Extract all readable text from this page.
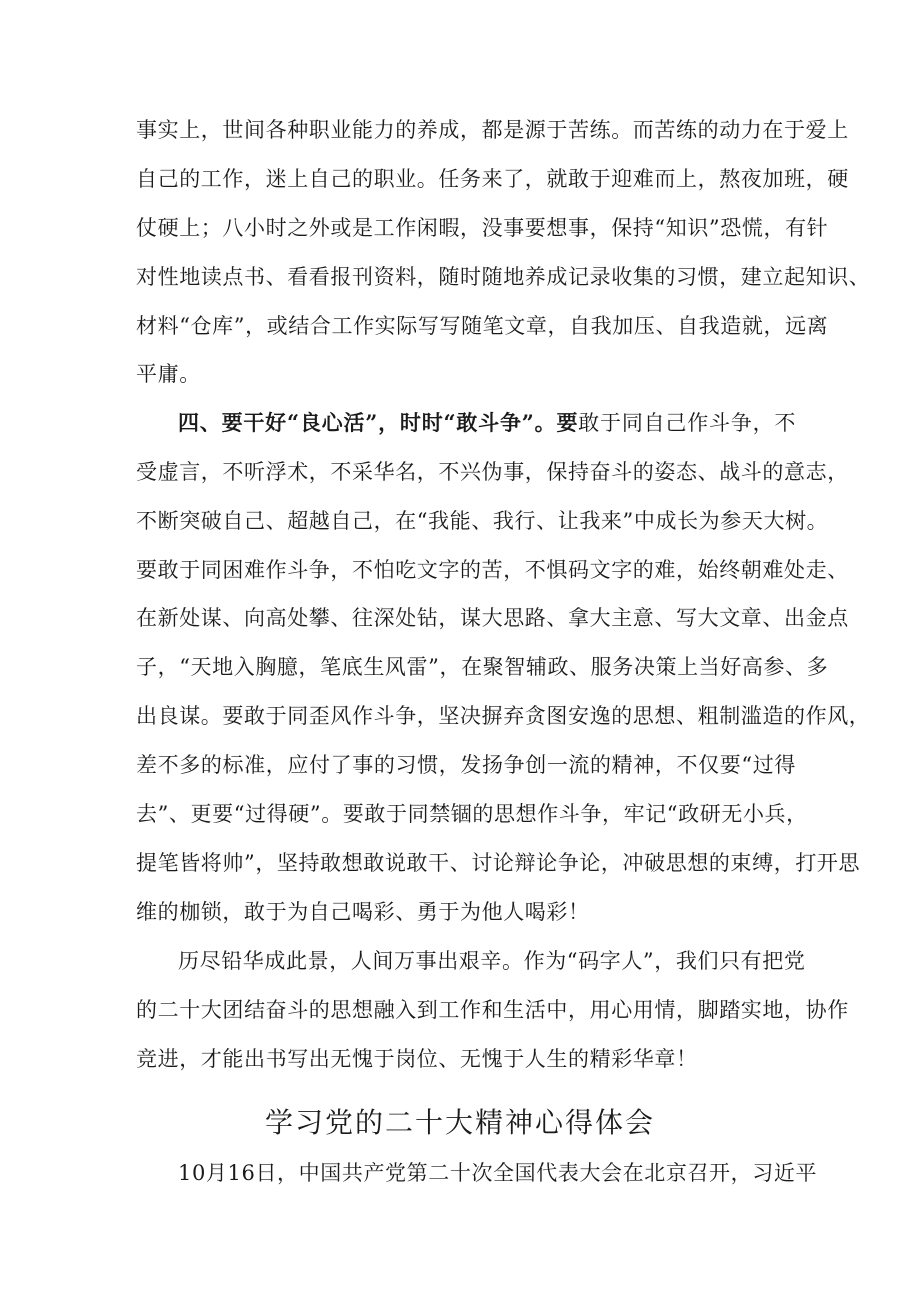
事实上，世间各种职业能力的养成，都是源于苦练。而苦练的动力在于爱上
自己的工作，迷上自己的职业。任务来了，就敢于迎难而上，熬夜加班，硬
仗硬上；八小时之外或是工作闲暇，没事要想事，保持“知识”恐慌，有针
对性地读点书、看看报刊资料，随时随地养成记录收集的习惯，建立起知识、
材料“仓库”，或结合工作实际写写随笔文章，自我加压、自我造就，远离
平庸。
四、要干好“良心活”，时时“敢斗争”。要敢于同自己作斗争，不
受虚言，不听浮术，不采华名，不兴伪事，保持奋斗的姿态、战斗的意志，
不断突破自己、超越自己，在“我能、我行、让我来”中成长为参天大树。
要敢于同困难作斗争，不怕吃文字的苦，不惧码文字的难，始终朝难处走、
在新处谋、向高处攀、往深处钻，谋大思路、拿大主意、写大文章、出金点
子，“天地入胸臆，笔底生风雷”，在聚智辅政、服务决策上当好高参、多
出良谋。要敢于同歪风作斗争，坚决摒弃贪图安逸的思想、粗制滥造的作风，
差不多的标准，应付了事的习惯，发扬争创一流的精神，不仅要“过得
去”、更要“过得硬”。要敢于同禁锢的思想作斗争，牢记“政研无小兵，
提笔皆将帅”，坚持敢想敢说敢干、讨论辩论争论，冲破思想的束缚，打开思
维的枷锁，敢于为自己喝彩、勇于为他人喝彩！
历尽铅华成此景，人间万事出艰辛。作为“码字人”，我们只有把党
的二十大团结奋斗的思想融入到工作和生活中，用心用情，脚踏实地，协作
竞进，才能出书写出无愧于岗位、无愧于人生的精彩华章！
学习党的二十大精神心得体会
10月16日，中国共产党第二十次全国代表大会在北京召开，习近平
